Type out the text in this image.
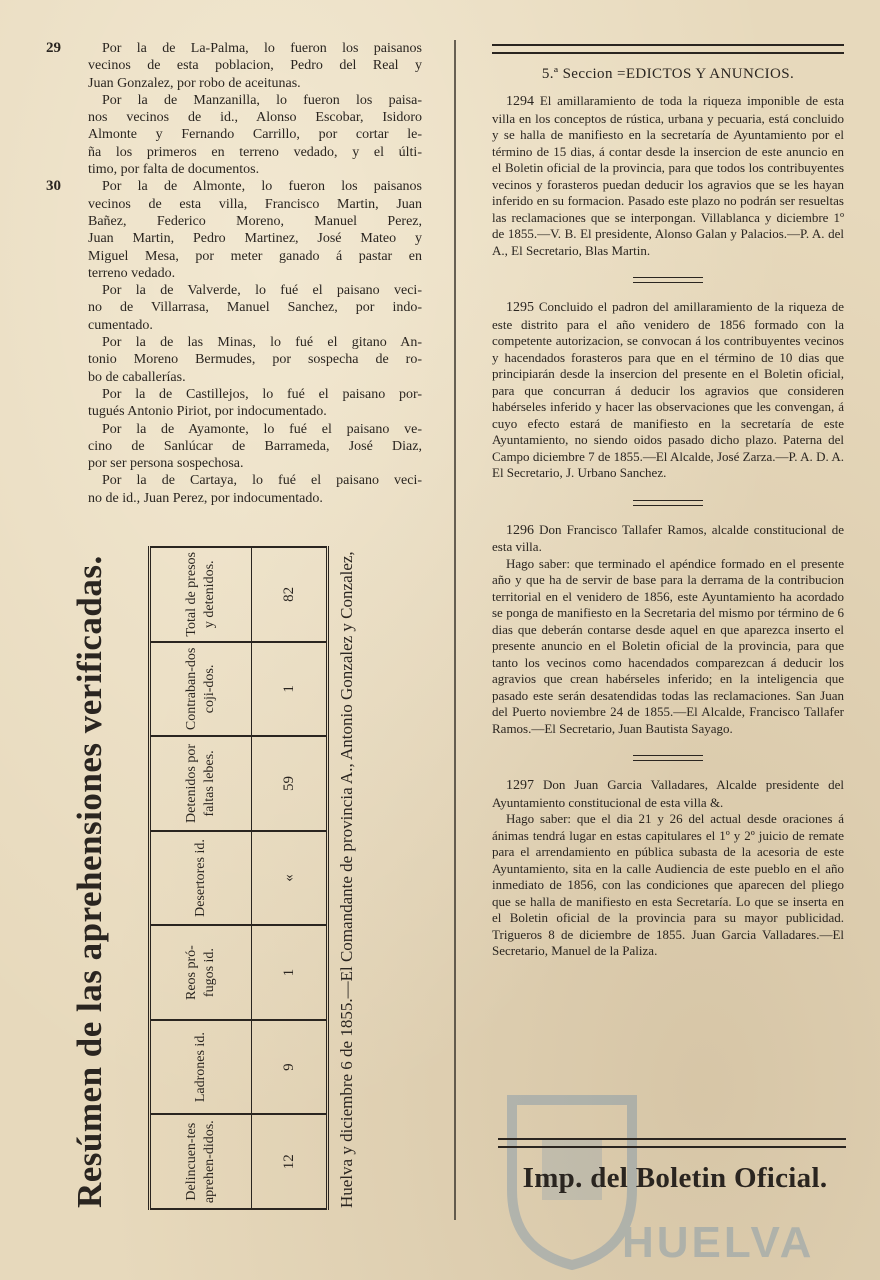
29	Por la de La-Palma, lo fueron los paisanos

vecinos de esta poblacion, Pedro del Real y

Juan Gonzalez, por robo de aceitunas.

Por la de Manzanilla, lo fueron los paisa-

nos vecinos de id., Alonso Escobar, Isidoro

Almonte y Fernando Carrillo, por cortar le-

ña los primeros en terreno vedado, y el últi-

timo, por falta de documentos.

30	Por la de Almonte, lo fueron los paisanos

vecinos de esta villa, Francisco Martin, Juan

Bañez, Federico Moreno, Manuel Perez,

Juan Martin, Pedro Martinez, José Mateo y

Miguel Mesa, por meter ganado á pastar en

terreno vedado.

Por la de Valverde, lo fué el paisano veci-

no de Villarrasa, Manuel Sanchez, por indo-

cumentado.

Por la de las Minas, lo fué el gitano An-

tonio Moreno Bermudes, por sospecha de ro-

bo de caballerías.

Por la de Castillejos, lo fué el paisano por-

tugués Antonio Piriot, por indocumentado.

Por la de Ayamonte, lo fué el paisano ve-

cino de Sanlúcar de Barrameda, José Diaz,

por ser persona sospechosa.

Por la de Cartaya, lo fué el paisano veci-

no de id., Juan Perez, por indocumentado.

Resúmen de las aprehensiones verificadas.	Delincuen-tes aprehen-didos.	Ladrones id.	Reos pró-fugos id.	Desertores id.	Detenidos por faltas lebes.	Contraban-dos coji-dos.	Total de presos y detenidos.
12	9	1	«	59	1	82 Huelva y diciembre 6 de 1855.—El Comandante de provincia A., Antonio Gonzalez y Conzalez,
5.ª Seccion =EDICTOS Y ANUNCIOS.

1294 El amillaramiento de toda la riqueza imponible de esta villa en los conceptos de rústica, urbana y pecuaria, está concluido y se halla de manifiesto en la secretaría de Ayuntamiento por el término de 15 dias, á contar desde la insercion de este anuncio en el Boletin oficial de la provincia, para que todos los contribuyentes vecinos y forasteros puedan deducir los agravios que se les hayan inferido en su formacion. Pasado este plazo no podrán ser resueltas las reclamaciones que se interpongan. Villablanca y diciembre 1º de 1855.—V. B. El presidente, Alonso Galan y Palacios.—P. A. del A., El Secretario, Blas Martin.

1295 Concluido el padron del amillaramiento de la riqueza de este distrito para el año venidero de 1856 formado con la competente autorizacion, se convocan á los contribuyentes vecinos y hacendados forasteros para que en el término de 10 dias que principiarán desde la insercion del presente en el Boletin oficial, para que concurran á deducir los agravios que consideren habérseles inferido y hacer las observaciones que les convengan, á cuyo efecto estará de manifiesto en la secretaría de este Ayuntamiento, no siendo oidos pasado dicho plazo. Paterna del Campo diciembre 7 de 1855.—El Alcalde, José Zarza.—P. A. D. A. El Secretario, J. Urbano Sanchez.

1296 Don Francisco Tallafer Ramos, alcalde constitucional de esta villa.

Hago saber: que terminado el apéndice formado en el presente año y que ha de servir de base para la derrama de la contribucion territorial en el venidero de 1856, este Ayuntamiento ha acordado se ponga de manifiesto en la Secretaria del mismo por término de 6 dias que deberán contarse desde aquel en que aparezca inserto el presente anuncio en el Boletin oficial de la provincia, para que tanto los vecinos como hacendados comparezcan á deducir los agravios que crean habérseles inferido; en la inteligencia que pasado este serán desatendidas todas las reclamaciones. San Juan del Puerto noviembre 24 de 1855.—El Alcalde, Francisco Tallafer Ramos.—El Secretario, Juan Bautista Sayago.

1297 Don Juan Garcia Valladares, Alcalde presidente del Ayuntamiento constitucional de esta villa &.

Hago saber: que el dia 21 y 26 del actual desde oraciones á ánimas tendrá lugar en estas capitulares el 1º y 2º juicio de remate para el arrendamiento en pública subasta de la acesoria de este Ayuntamiento, sita en la calle Audiencia de este pueblo en el año inmediato de 1856, con las condiciones que aparecen del pliego que se halla de manifiesto en esta Secretaría. Lo que se inserta en el Boletin oficial de la provincia para su mayor publicidad. Trigueros 8 de diciembre de 1855. Juan Garcia Valladares.—El Secretario, Manuel de la Paliza.

HUELVA
Imp. del Boletin Oficial.
